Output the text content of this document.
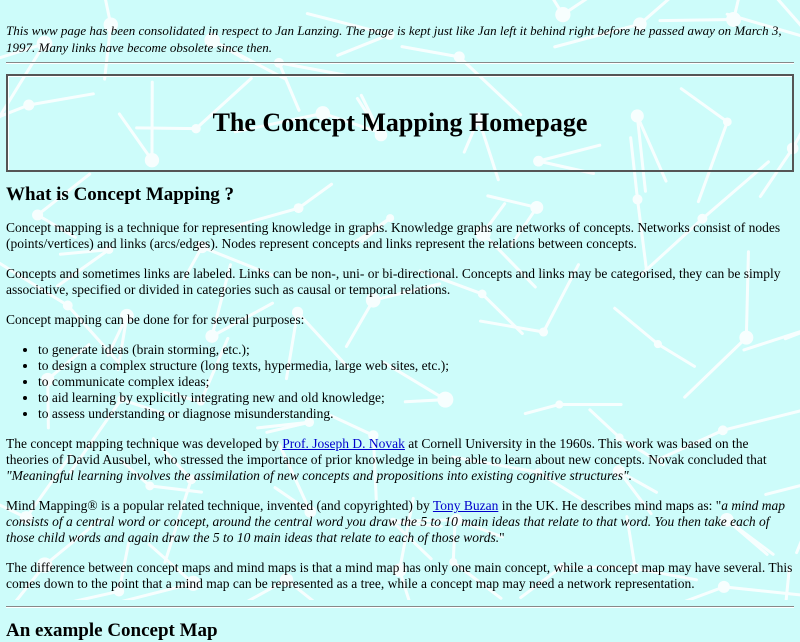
This www page has been consolidated in respect to Jan Lanzing. The page is kept just like Jan left it behind right before he passed away on March 3, 1997. Many links have become obsolete since then.

The Concept Mapping Homepage
What is Concept Mapping ?

Concept mapping is a technique for representing knowledge in graphs. Knowledge graphs are networks of concepts. Networks consist of nodes (points/vertices) and links (arcs/edges). Nodes represent concepts and links represent the relations between concepts.

Concepts and sometimes links are labeled. Links can be non-, uni- or bi-directional. Concepts and links may be categorised, they can be simply associative, specified or divided in categories such as causal or temporal relations.

Concept mapping can be done for for several purposes:

• to generate ideas (brain storming, etc.);
• to design a complex structure (long texts, hypermedia, large web sites, etc.);
• to communicate complex ideas;
• to aid learning by explicitly integrating new and old knowledge;
• to assess understanding or diagnose misunderstanding.

The concept mapping technique was developed by Prof. Joseph D. Novak at Cornell University in the 1960s. This work was based on the theories of David Ausubel, who stressed the importance of prior knowledge in being able to learn about new concepts. Novak concluded that "Meaningful learning involves the assimilation of new concepts and propositions into existing cognitive structures".

Mind Mapping® is a popular related technique, invented (and copyrighted) by Tony Buzan in the UK. He describes mind maps as: "a mind map consists of a central word or concept, around the central word you draw the 5 to 10 main ideas that relate to that word. You then take each of those child words and again draw the 5 to 10 main ideas that relate to each of those words."

The difference between concept maps and mind maps is that a mind map has only one main concept, while a concept map may have several. This comes down to the point that a mind map can be represented as a tree, while a concept map may need a network representation.

An example Concept Map
